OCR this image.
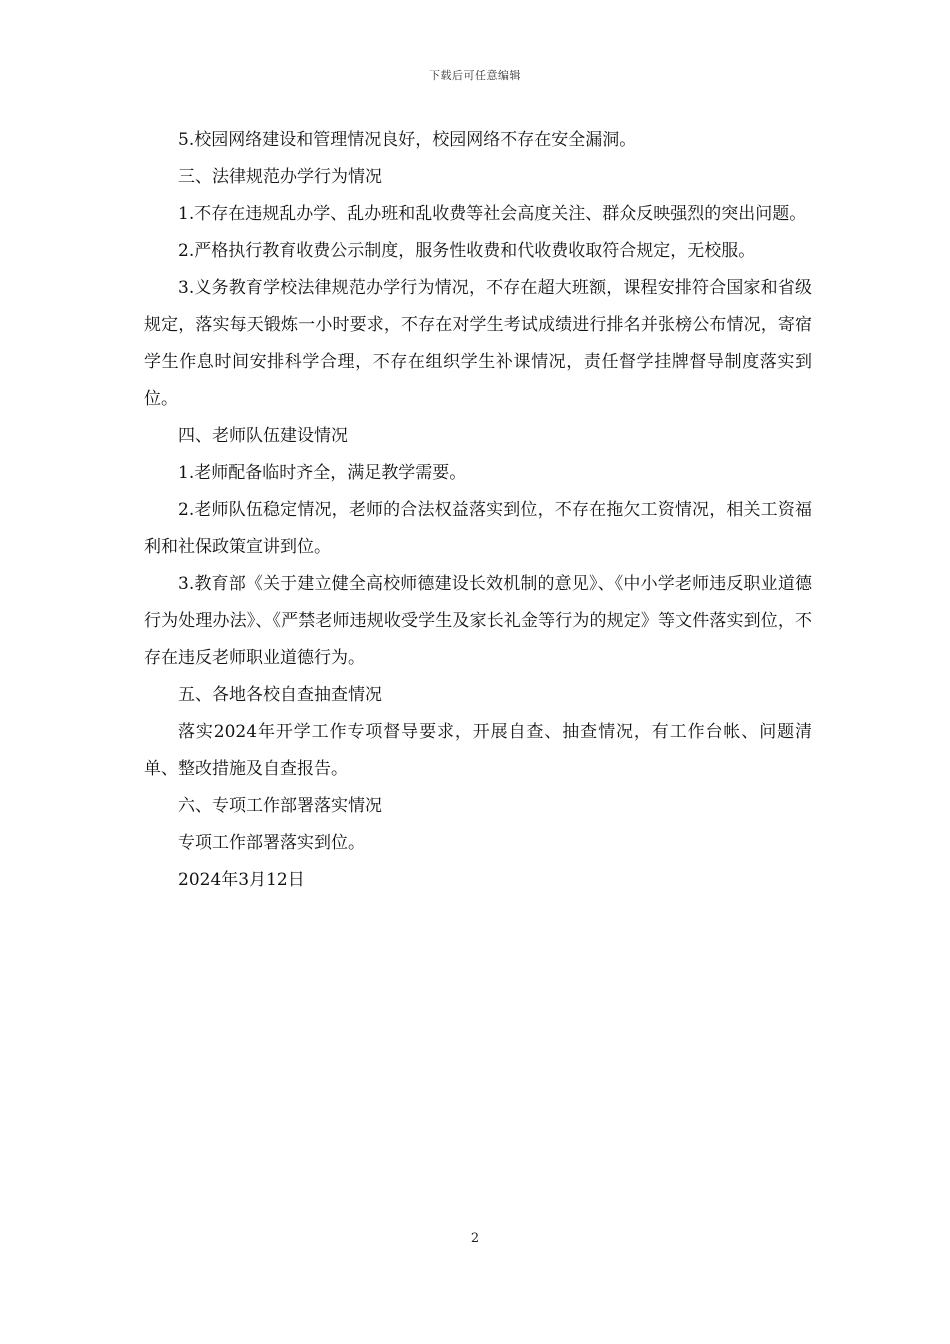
下载后可任意编辑

5.校园网络建设和管理情况良好，校园网络不存在安全漏洞。

三、法律规范办学行为情况

1.不存在违规乱办学、乱办班和乱收费等社会高度关注、群众反映强烈的突出问题。

2.严格执行教育收费公示制度，服务性收费和代收费收取符合规定，无校服。

3.义务教育学校法律规范办学行为情况，不存在超大班额，课程安排符合国家和省级规定，落实每天锻炼一小时要求，不存在对学生考试成绩进行排名并张榜公布情况，寄宿学生作息时间安排科学合理，不存在组织学生补课情况，责任督学挂牌督导制度落实到位。

四、老师队伍建设情况

1.老师配备临时齐全，满足教学需要。

2.老师队伍稳定情况，老师的合法权益落实到位，不存在拖欠工资情况，相关工资福利和社保政策宣讲到位。

3.教育部《关于建立健全高校师德建设长效机制的意见》、《中小学老师违反职业道德行为处理办法》、《严禁老师违规收受学生及家长礼金等行为的规定》等文件落实到位，不存在违反老师职业道德行为。

五、各地各校自查抽查情况

落实2024年开学工作专项督导要求，开展自查、抽查情况，有工作台帐、问题清单、整改措施及自查报告。

六、专项工作部署落实情况

专项工作部署落实到位。

2024年3月12日

2
